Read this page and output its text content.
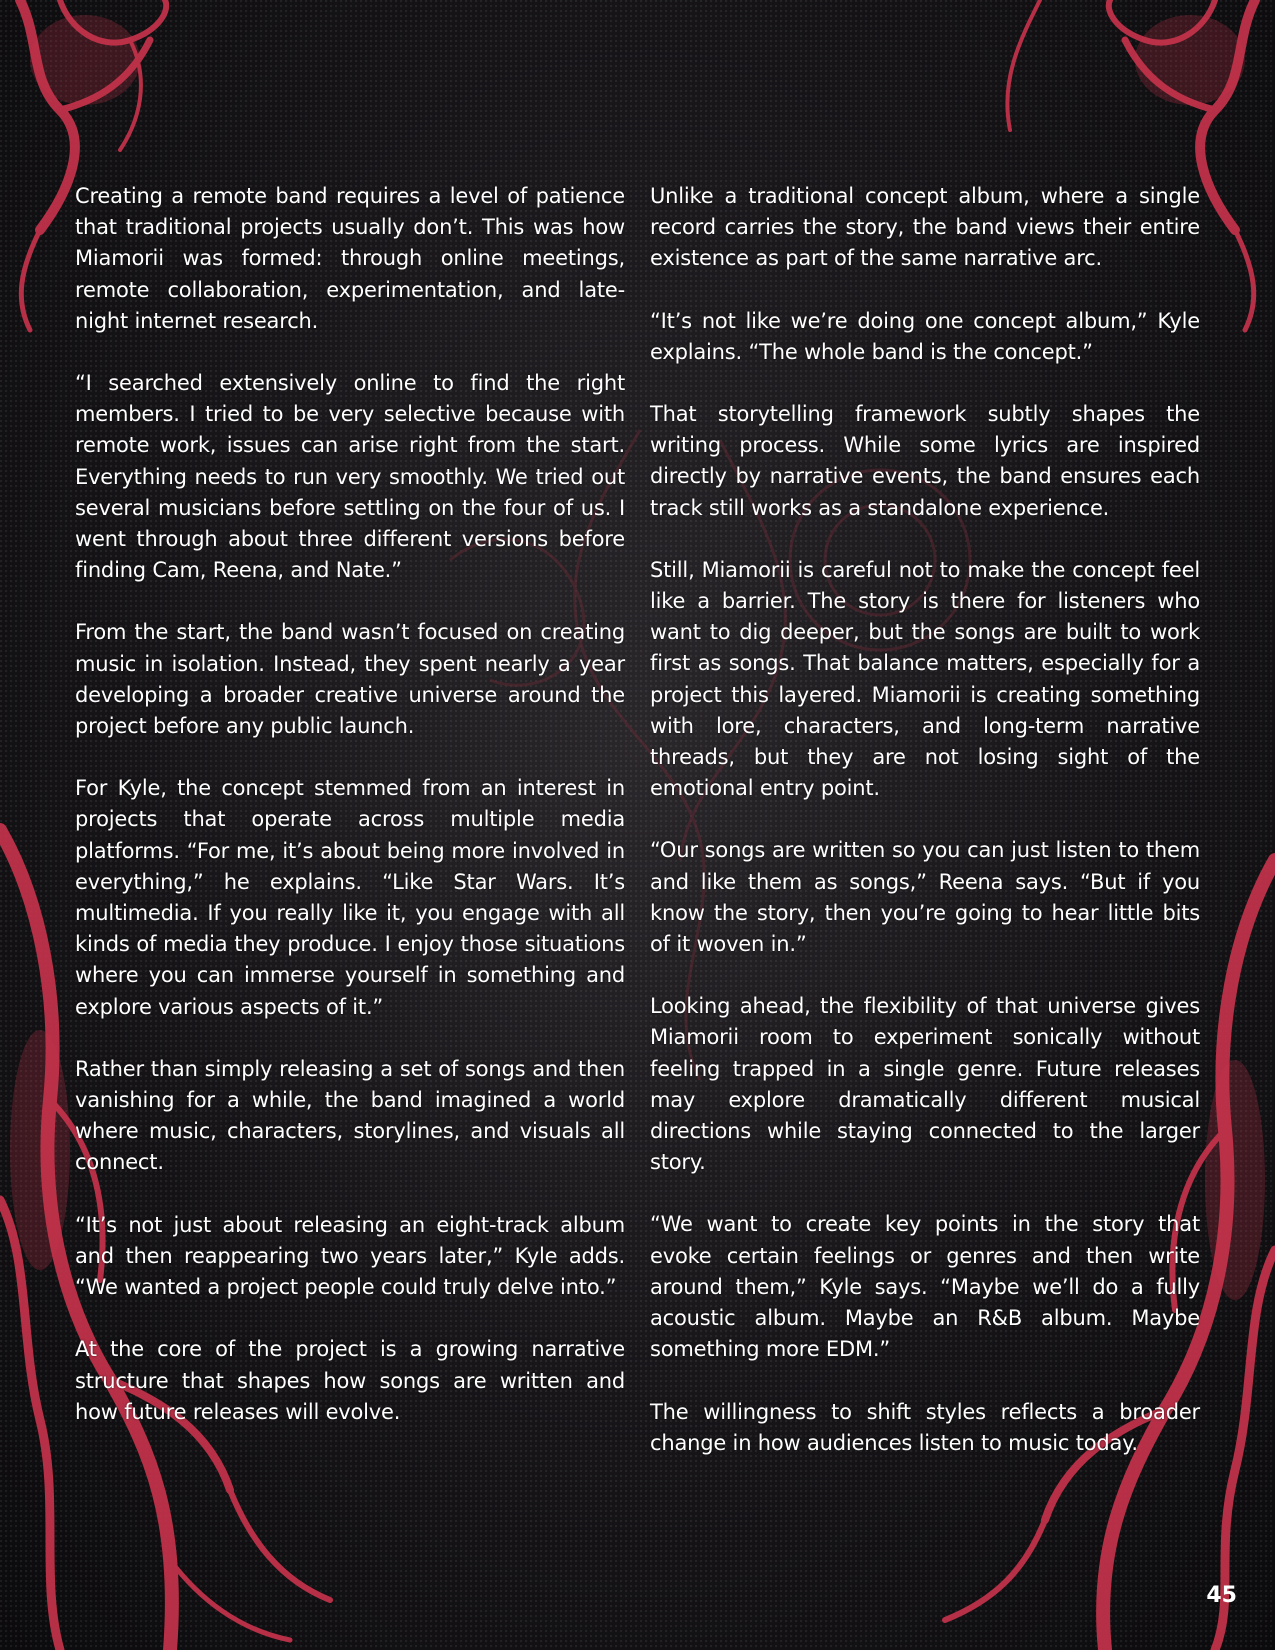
Creating a remote band requires a level of patience that traditional projects usually don’t. This was how Miamorii was formed: through online meetings, remote collaboration, experimentation, and late-night internet research.

“I searched extensively online to find the right members. I tried to be very selective because with remote work, issues can arise right from the start. Everything needs to run very smoothly. We tried out several musicians before settling on the four of us. I went through about three different versions before finding Cam, Reena, and Nate.”

From the start, the band wasn’t focused on creating music in isolation. Instead, they spent nearly a year developing a broader creative universe around the project before any public launch.

For Kyle, the concept stemmed from an interest in projects that operate across multiple media platforms. “For me, it’s about being more involved in everything,” he explains. “Like Star Wars. It’s multimedia. If you really like it, you engage with all kinds of media they produce. I enjoy those situations where you can immerse yourself in something and explore various aspects of it.”

Rather than simply releasing a set of songs and then vanishing for a while, the band imagined a world where music, characters, storylines, and visuals all connect.

“It’s not just about releasing an eight-track album and then reappearing two years later,” Kyle adds. “We wanted a project people could truly delve into.”

At the core of the project is a growing narrative structure that shapes how songs are written and how future releases will evolve.

Unlike a traditional concept album, where a single record carries the story, the band views their entire existence as part of the same narrative arc.

“It’s not like we’re doing one concept album,” Kyle explains. “The whole band is the concept.”

That storytelling framework subtly shapes the writing process. While some lyrics are inspired directly by narrative events, the band ensures each track still works as a standalone experience.

Still, Miamorii is careful not to make the concept feel like a barrier. The story is there for listeners who want to dig deeper, but the songs are built to work first as songs. That balance matters, especially for a project this layered. Miamorii is creating something with lore, characters, and long-term narrative threads, but they are not losing sight of the emotional entry point.

“Our songs are written so you can just listen to them and like them as songs,” Reena says. “But if you know the story, then you’re going to hear little bits of it woven in.”

Looking ahead, the flexibility of that universe gives Miamorii room to experiment sonically without feeling trapped in a single genre. Future releases may explore dramatically different musical directions while staying connected to the larger story.

“We want to create key points in the story that evoke certain feelings or genres and then write around them,” Kyle says. “Maybe we’ll do a fully acoustic album. Maybe an R&B album. Maybe something more EDM.”

The willingness to shift styles reflects a broader change in how audiences listen to music today.

45
